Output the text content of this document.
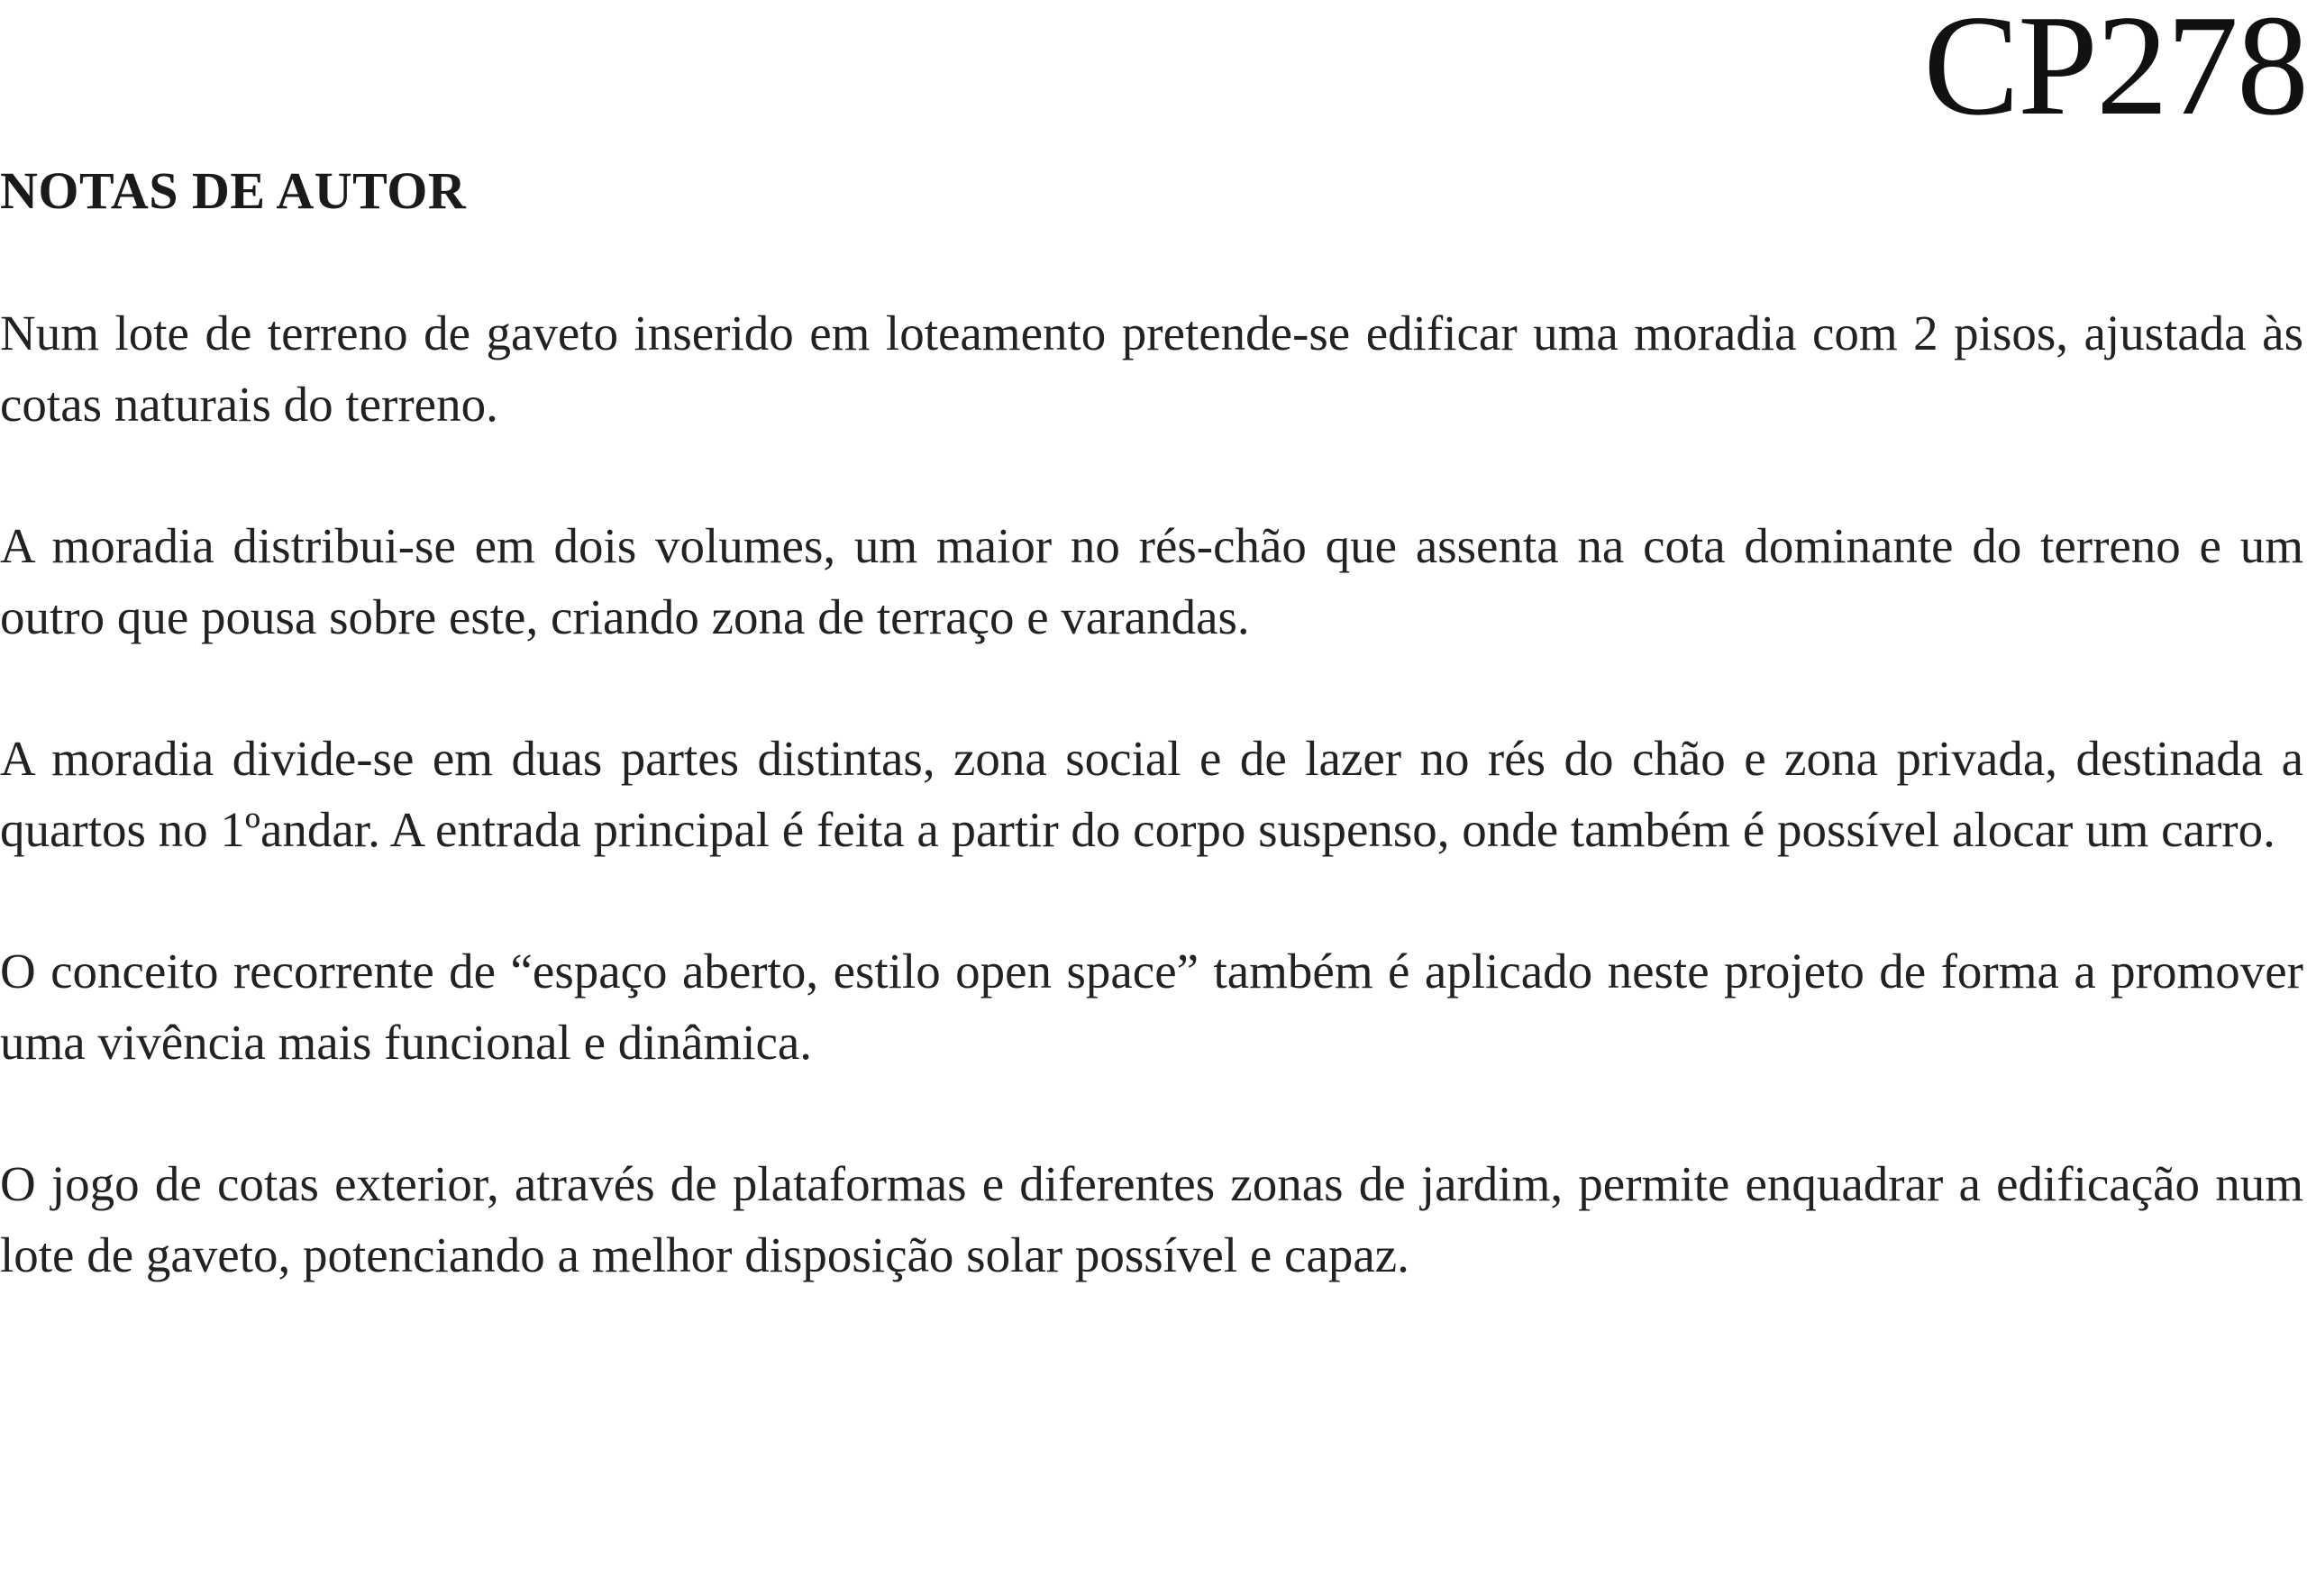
CP278
NOTAS DE AUTOR

Num lote de terreno de gaveto inserido em loteamento pretende-se edificar uma moradia com 2 pisos, ajustada às cotas naturais do terreno.

A moradia distribui-se em dois volumes, um maior no rés-chão que assenta na cota dominante do terreno e um outro que pousa sobre este, criando zona de terraço e varandas.

A moradia divide-se em duas partes distintas, zona social e de lazer no rés do chão e zona privada, destinada a quartos no 1ºandar. A entrada principal é feita a partir do corpo suspenso, onde também é possível alocar um carro.

O conceito recorrente de “espaço aberto, estilo open space” também é aplicado neste projeto de forma a promover uma vivência mais funcional e dinâmica.

O jogo de cotas exterior, através de plataformas e diferentes zonas de jardim, permite enquadrar a edificação num lote de gaveto, potenciando a melhor disposição solar possível e capaz.
